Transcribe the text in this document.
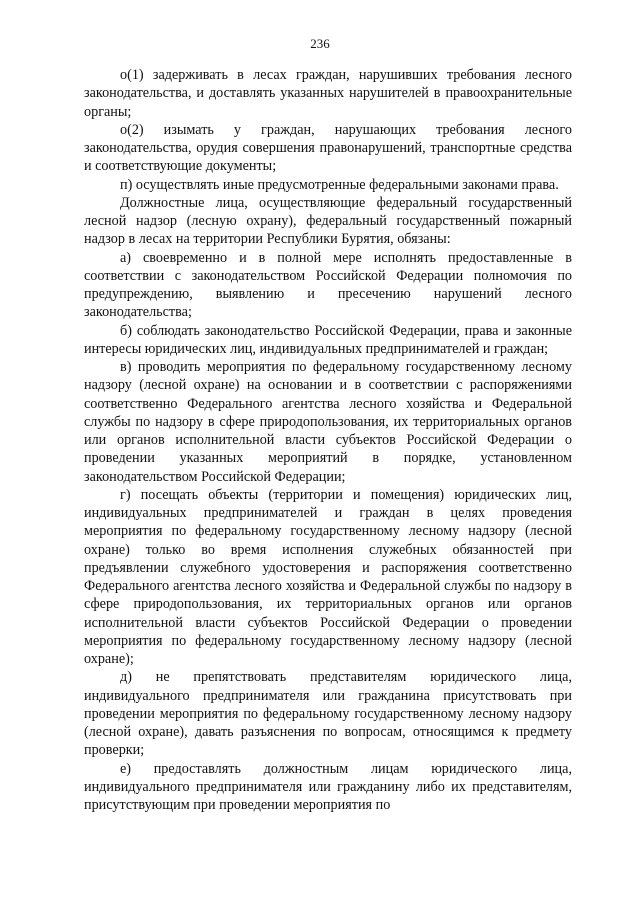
236

о(1) задерживать в лесах граждан, нарушивших требования лесного законодательства, и доставлять указанных нарушителей в правоохранительные органы;

о(2) изымать у граждан, нарушающих требования лесного законодательства, орудия совершения правонарушений, транспортные средства и соответствующие документы;

п) осуществлять иные предусмотренные федеральными законами права.

Должностные лица, осуществляющие федеральный государственный лесной надзор (лесную охрану), федеральный государственный пожарный надзор в лесах на территории Республики Бурятия, обязаны:

а) своевременно и в полной мере исполнять предоставленные в соответствии с законодательством Российской Федерации полномочия по предупреждению, выявлению и пресечению нарушений лесного законодательства;

б) соблюдать законодательство Российской Федерации, права и законные интересы юридических лиц, индивидуальных предпринимателей и граждан;

в) проводить мероприятия по федеральному государственному лесному надзору (лесной охране) на основании и в соответствии с распоряжениями соответственно Федерального агентства лесного хозяйства и Федеральной службы по надзору в сфере природопользования, их территориальных органов или органов исполнительной власти субъектов Российской Федерации о проведении указанных мероприятий в порядке, установленном законодательством Российской Федерации;

г) посещать объекты (территории и помещения) юридических лиц, индивидуальных предпринимателей и граждан в целях проведения мероприятия по федеральному государственному лесному надзору (лесной охране) только во время исполнения служебных обязанностей при предъявлении служебного удостоверения и распоряжения соответственно Федерального агентства лесного хозяйства и Федеральной службы по надзору в сфере природопользования, их территориальных органов или органов исполнительной власти субъектов Российской Федерации о проведении мероприятия по федеральному государственному лесному надзору (лесной охране);

д) не препятствовать представителям юридического лица, индивидуального предпринимателя или гражданина присутствовать при проведении мероприятия по федеральному государственному лесному надзору (лесной охране), давать разъяснения по вопросам, относящимся к предмету проверки;

е) предоставлять должностным лицам юридического лица, индивидуального предпринимателя или гражданину либо их представителям, присутствующим при проведении мероприятия по
